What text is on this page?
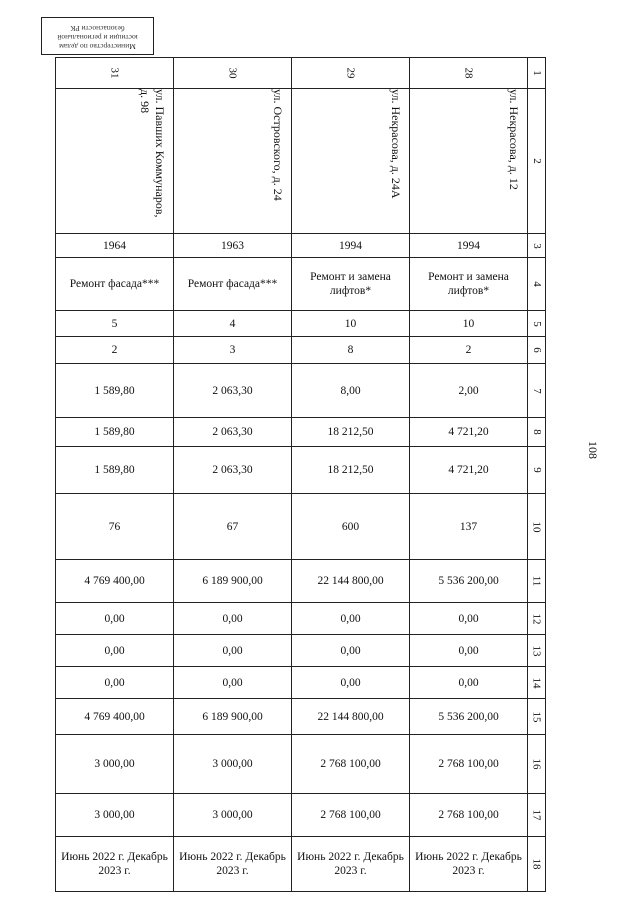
Министерство по делам
юстиции и региональной
безопасности РК
108
31	30	29	28	1

ул. Павших Коммунаров, д. 98	ул. Островского, д. 24	ул. Некрасова, д. 24А	ул. Некрасова, д. 12	2
1964	1963	1994	1994	3
Ремонт фасада***	Ремонт фасада***	Ремонт и замена лифтов*	Ремонт и замена лифтов*	4
5	4	10	10	5
2	3	8	2	6
1 589,80	2 063,30	8,00	2,00	7
1 589,80	2 063,30	18 212,50	4 721,20	8
1 589,80	2 063,30	18 212,50	4 721,20	9
76	67	600	137	10
4 769 400,00	6 189 900,00	22 144 800,00	5 536 200,00	11
0,00	0,00	0,00	0,00	12
0,00	0,00	0,00	0,00	13
0,00	0,00	0,00	0,00	14
4 769 400,00	6 189 900,00	22 144 800,00	5 536 200,00	15
3 000,00	3 000,00	2 768 100,00	2 768 100,00	16
3 000,00	3 000,00	2 768 100,00	2 768 100,00	17
Июнь 2022 г. Декабрь 2023 г.	Июнь 2022 г. Декабрь 2023 г.	Июнь 2022 г. Декабрь 2023 г.	Июнь 2022 г. Декабрь 2023 г.	18
